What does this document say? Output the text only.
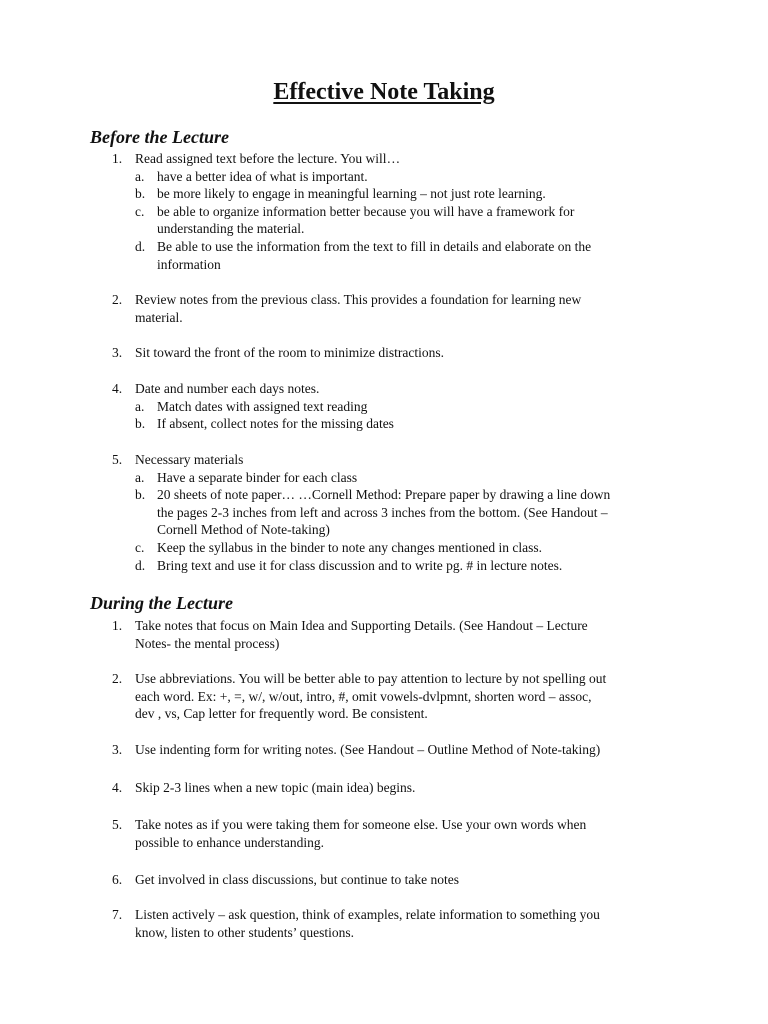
Effective Note Taking
Before the Lecture
1. Read assigned text before the lecture. You will…
a. have a better idea of what is important.
b. be more likely to engage in meaningful learning – not just rote learning.
c. be able to organize information better because you will have a framework for
understanding the material.
d. Be able to use the information from the text to fill in details and elaborate on the
information
2. Review notes from the previous class. This provides a foundation for learning new
material.
3. Sit toward the front of the room to minimize distractions.
4. Date and number each days notes.
a. Match dates with assigned text reading
b. If absent, collect notes for the missing dates
5. Necessary materials
a. Have a separate binder for each class
b. 20 sheets of note paper… …Cornell Method: Prepare paper by drawing a line down
the pages 2-3 inches from left and across 3 inches from the bottom. (See Handout –
Cornell Method of Note-taking)
c. Keep the syllabus in the binder to note any changes mentioned in class.
d. Bring text and use it for class discussion and to write pg. # in lecture notes.
During the Lecture
1. Take notes that focus on Main Idea and Supporting Details. (See Handout – Lecture
Notes- the mental process)
2. Use abbreviations. You will be better able to pay attention to lecture by not spelling out
each word. Ex: +, =, w/, w/out, intro, #, omit vowels-dvlpmnt, shorten word – assoc,
dev , vs, Cap letter for frequently word. Be consistent.
3. Use indenting form for writing notes. (See Handout – Outline Method of Note-taking)
4. Skip 2-3 lines when a new topic (main idea) begins.
5. Take notes as if you were taking them for someone else. Use your own words when
possible to enhance understanding.
6. Get involved in class discussions, but continue to take notes
7. Listen actively – ask question, think of examples, relate information to something you
know, listen to other students’ questions.
